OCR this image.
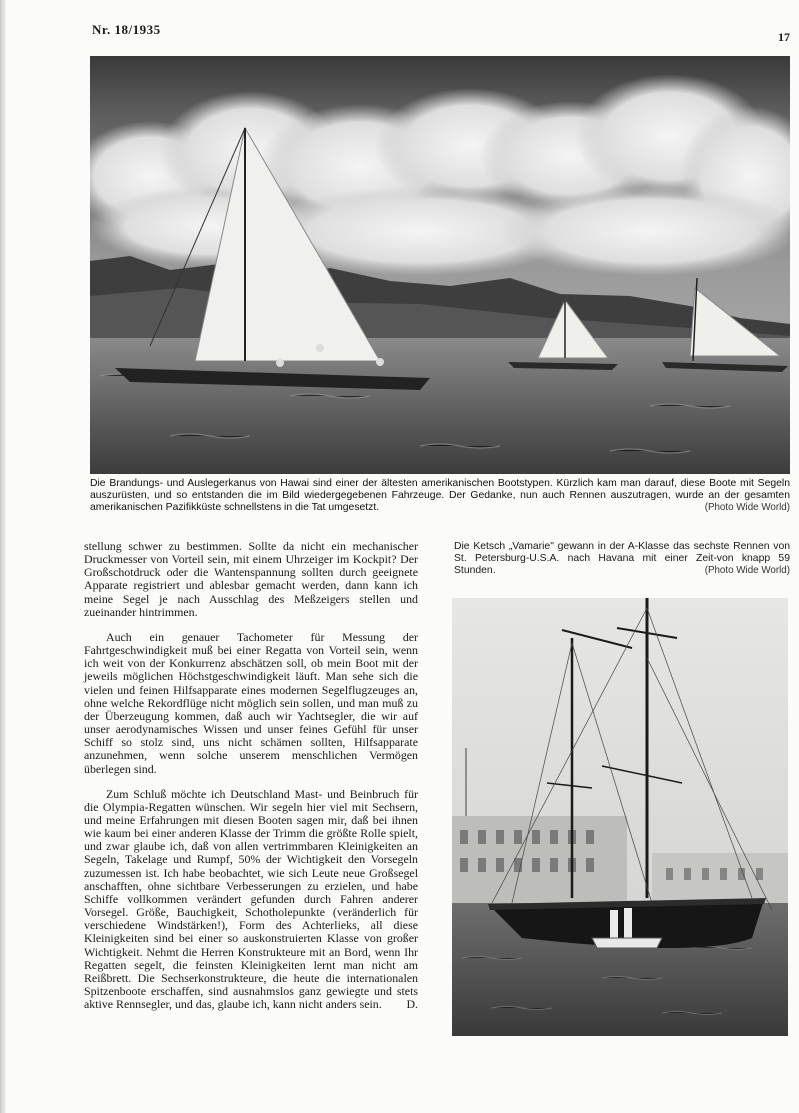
Nr. 18/1935	17
Die Brandungs- und Auslegerkanus von Hawai sind einer der ältesten amerikanischen Bootstypen. Kürzlich kam man darauf, diese Boote mit Segeln auszurüsten, und so entstanden die im Bild wiedergegebenen Fahrzeuge. Der Gedanke, nun auch Rennen auszutragen, wurde an der gesamten amerikanischen Pazifikküste schnellstens in die Tat umgesetzt.	(Photo Wide World)

stellung schwer zu bestimmen. Sollte da nicht ein mechanischer Druckmesser von Vorteil sein, mit einem Uhrzeiger im Kockpit? Der Großschotdruck oder die Wantenspannung sollten durch geeignete Apparate registriert und ablesbar gemacht werden, dann kann ich meine Segel je nach Ausschlag des Meßzeigers stellen und zueinander hintrimmen.

Auch ein genauer Tachometer für Messung der Fahrtgeschwindigkeit muß bei einer Regatta von Vorteil sein, wenn ich weit von der Konkurrenz abschätzen soll, ob mein Boot mit der jeweils möglichen Höchstgeschwindigkeit läuft. Man sehe sich die vielen und feinen Hilfsapparate eines modernen Segelflugzeuges an, ohne welche Rekordflüge nicht möglich sein sollen, und man muß zu der Überzeugung kommen, daß auch wir Yachtsegler, die wir auf unser aerodynamisches Wissen und unser feines Gefühl für unser Schiff so stolz sind, uns nicht schämen sollten, Hilfsapparate anzunehmen, wenn solche unserem menschlichen Vermögen überlegen sind.

Zum Schluß möchte ich Deutschland Mast- und Beinbruch für die Olympia-Regatten wünschen. Wir segeln hier viel mit Sechsern, und meine Erfahrungen mit diesen Booten sagen mir, daß bei ihnen wie kaum bei einer anderen Klasse der Trimm die größte Rolle spielt, und zwar glaube ich, daß von allen vertrimmbaren Kleinigkeiten an Segeln, Takelage und Rumpf, 50% der Wichtigkeit den Vorsegeln zuzumessen ist. Ich habe beobachtet, wie sich Leute neue Großsegel anschafften, ohne sichtbare Verbesserungen zu erzielen, und habe Schiffe vollkommen verändert gefunden durch Fahren anderer Vorsegel. Größe, Bauchigkeit, Schotholepunkte (veränderlich für verschiedene Windstärken!), Form des Achterlieks, all diese Kleinigkeiten sind bei einer so auskonstruierten Klasse von großer Wichtigkeit. Nehmt die Herren Konstrukteure mit an Bord, wenn Ihr Regatten segelt, die feinsten Kleinigkeiten lernt man nicht am Reißbrett. Die Sechserkonstrukteure, die heute die internationalen Spitzenboote erschaffen, sind ausnahmslos ganz gewiegte und stets aktive Rennsegler, und das, glaube ich, kann nicht anders sein.	D.
Die Ketsch „Vamarie" gewann in der A-Klasse das sechste Rennen von St. Petersburg-U.S.A. nach Havana mit einer Zeit-von knapp 59 Stunden.	(Photo Wide World)
